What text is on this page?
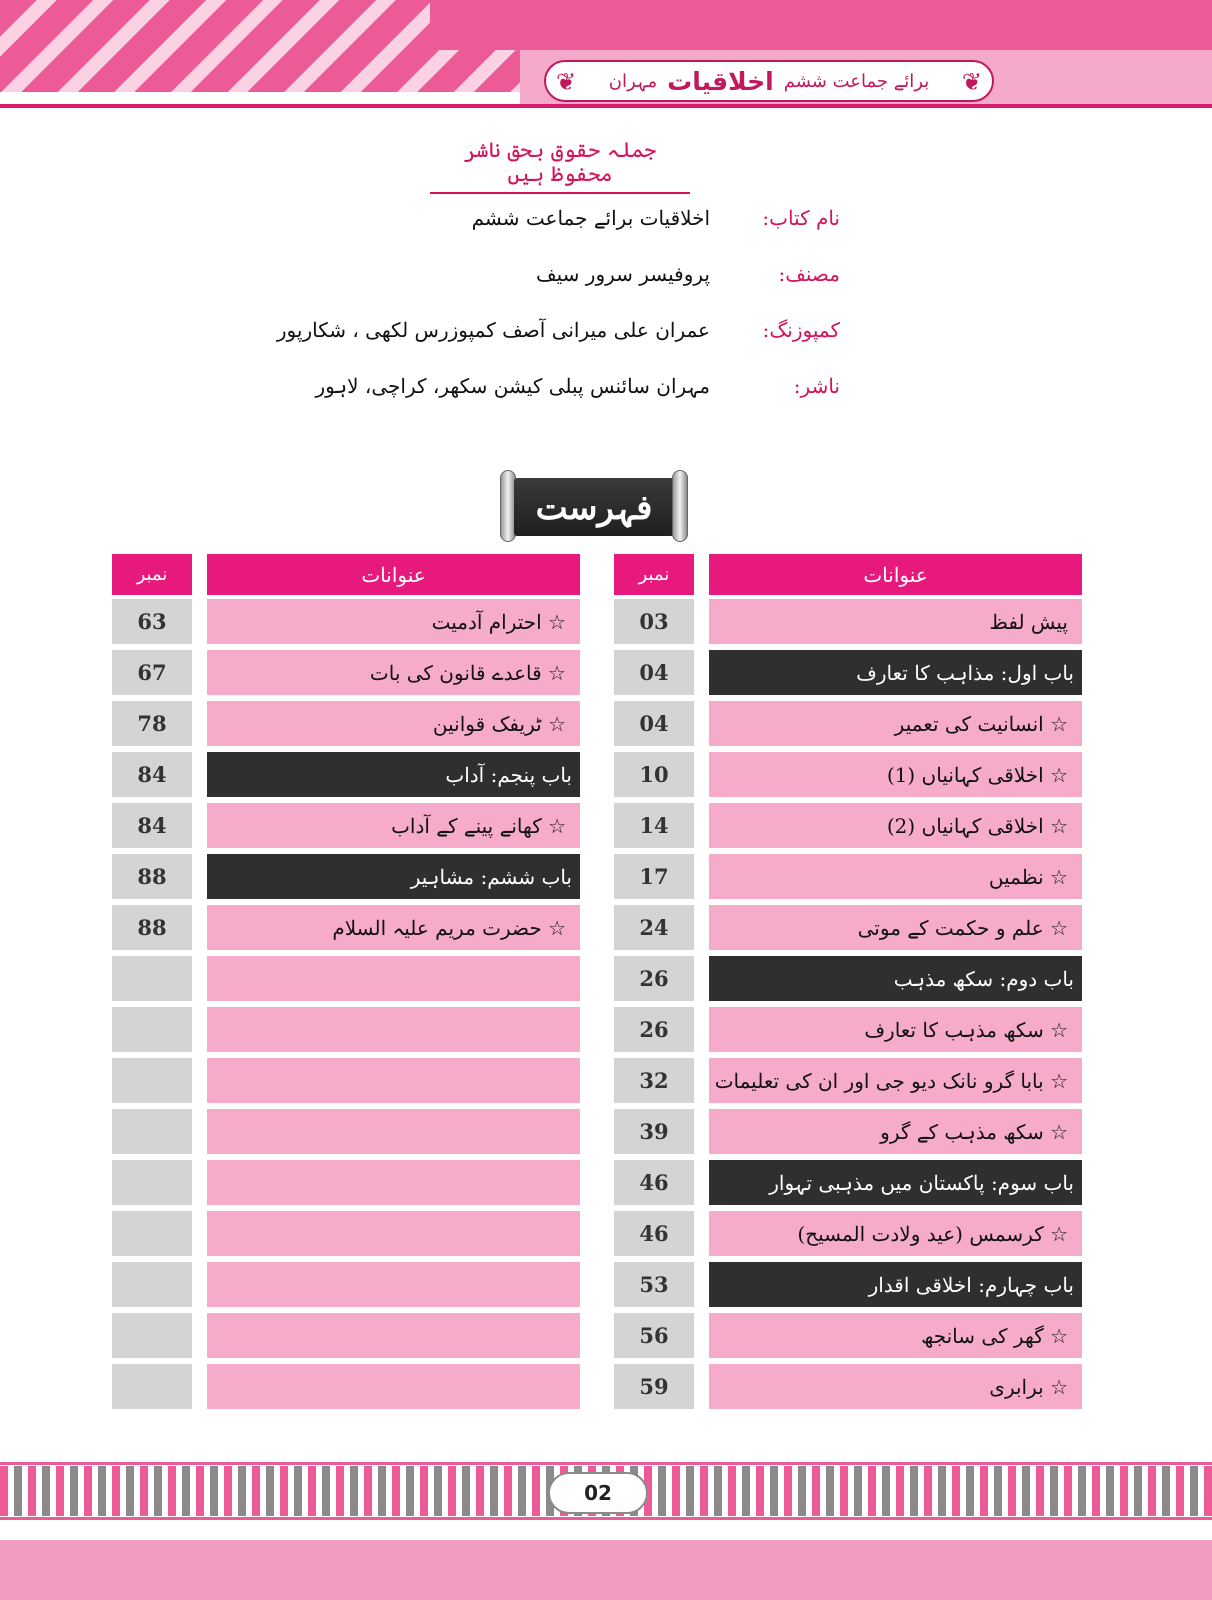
❦
مہران اخلاقیات برائے جماعت ششم
❦
جملہ حقوق بحق ناشر محفوظ ہیں
نام کتاب:
اخلاقیات برائے جماعت ششم
مصنف:
پروفیسر سرور سیف
کمپوزنگ:
عمران علی میرانی آصف کمپوزرس لکھی ، شکارپور
ناشر:
مہران سائنس پبلی کیشن سکھر، کراچی، لاہور
فہرست
نمبر	عنوانات
63	☆ احترام آدمیت
67	☆ قاعدے قانون کی بات
78	☆ ٹریفک قوانین
84	باب پنجم: آداب
84	☆ کھانے پینے کے آداب
88	باب ششم: مشاہیر
88	☆ حضرت مریم علیہ السلام
نمبر	عنوانات
03	پیش لفظ
04	باب اول: مذاہب کا تعارف
04	☆ انسانیت کی تعمیر
10	☆ اخلاقی کہانیاں (1)
14	☆ اخلاقی کہانیاں (2)
17	☆ نظمیں
24	☆ علم و حکمت کے موتی
26	باب دوم: سکھ مذہب
26	☆ سکھ مذہب کا تعارف
32	☆ بابا گرو نانک دیو جی اور ان کی تعلیمات
39	☆ سکھ مذہب کے گرو
46	باب سوم: پاکستان میں مذہبی تہوار
46	☆ کرسمس (عید ولادت المسیح)
53	باب چہارم: اخلاقی اقدار
56	☆ گھر کی سانجھ
59	☆ برابری
02
